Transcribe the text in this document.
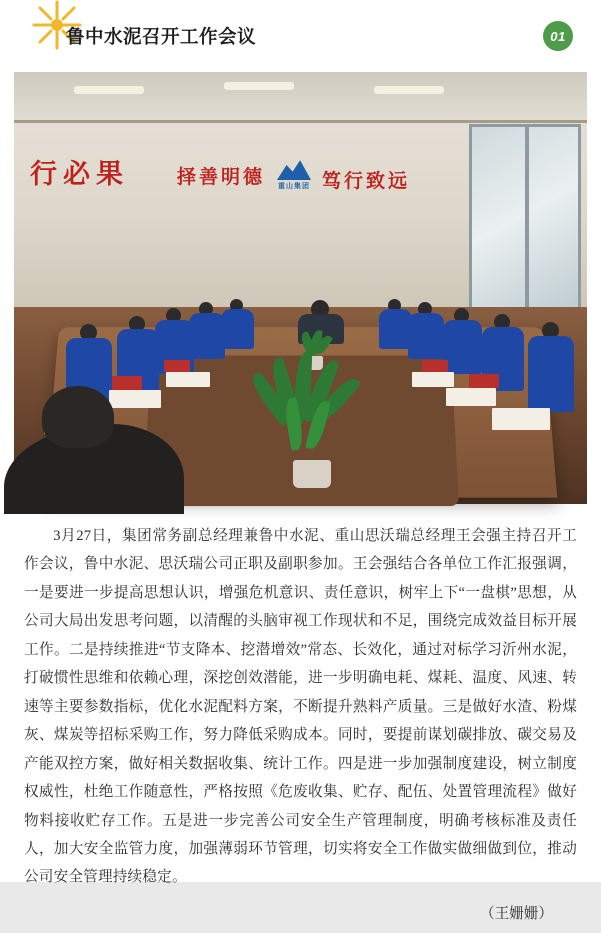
鲁中水泥召开工作会议	01
行必果	择善明德	笃行致远
重山集团

3月27日，集团常务副总经理兼鲁中水泥、重山思沃瑞总经理王会强主持召开工作会议，鲁中水泥、思沃瑞公司正职及副职参加。王会强结合各单位工作汇报强调，一是要进一步提高思想认识，增强危机意识、责任意识，树牢上下“一盘棋”思想，从公司大局出发思考问题，以清醒的头脑审视工作现状和不足，围绕完成效益目标开展工作。二是持续推进“节支降本、挖潜增效”常态、长效化，通过对标学习沂州水泥，打破惯性思维和依赖心理，深挖创效潜能，进一步明确电耗、煤耗、温度、风速、转速等主要参数指标，优化水泥配料方案，不断提升熟料产质量。三是做好水渣、粉煤灰、煤炭等招标采购工作，努力降低采购成本。同时，要提前谋划碳排放、碳交易及产能双控方案，做好相关数据收集、统计工作。四是进一步加强制度建设，树立制度权威性，杜绝工作随意性，严格按照《危废收集、贮存、配伍、处置管理流程》做好物料接收贮存工作。五是进一步完善公司安全生产管理制度，明确考核标准及责任人，加大安全监管力度，加强薄弱环节管理，切实将安全工作做实做细做到位，推动公司安全管理持续稳定。

（王姗姗）
